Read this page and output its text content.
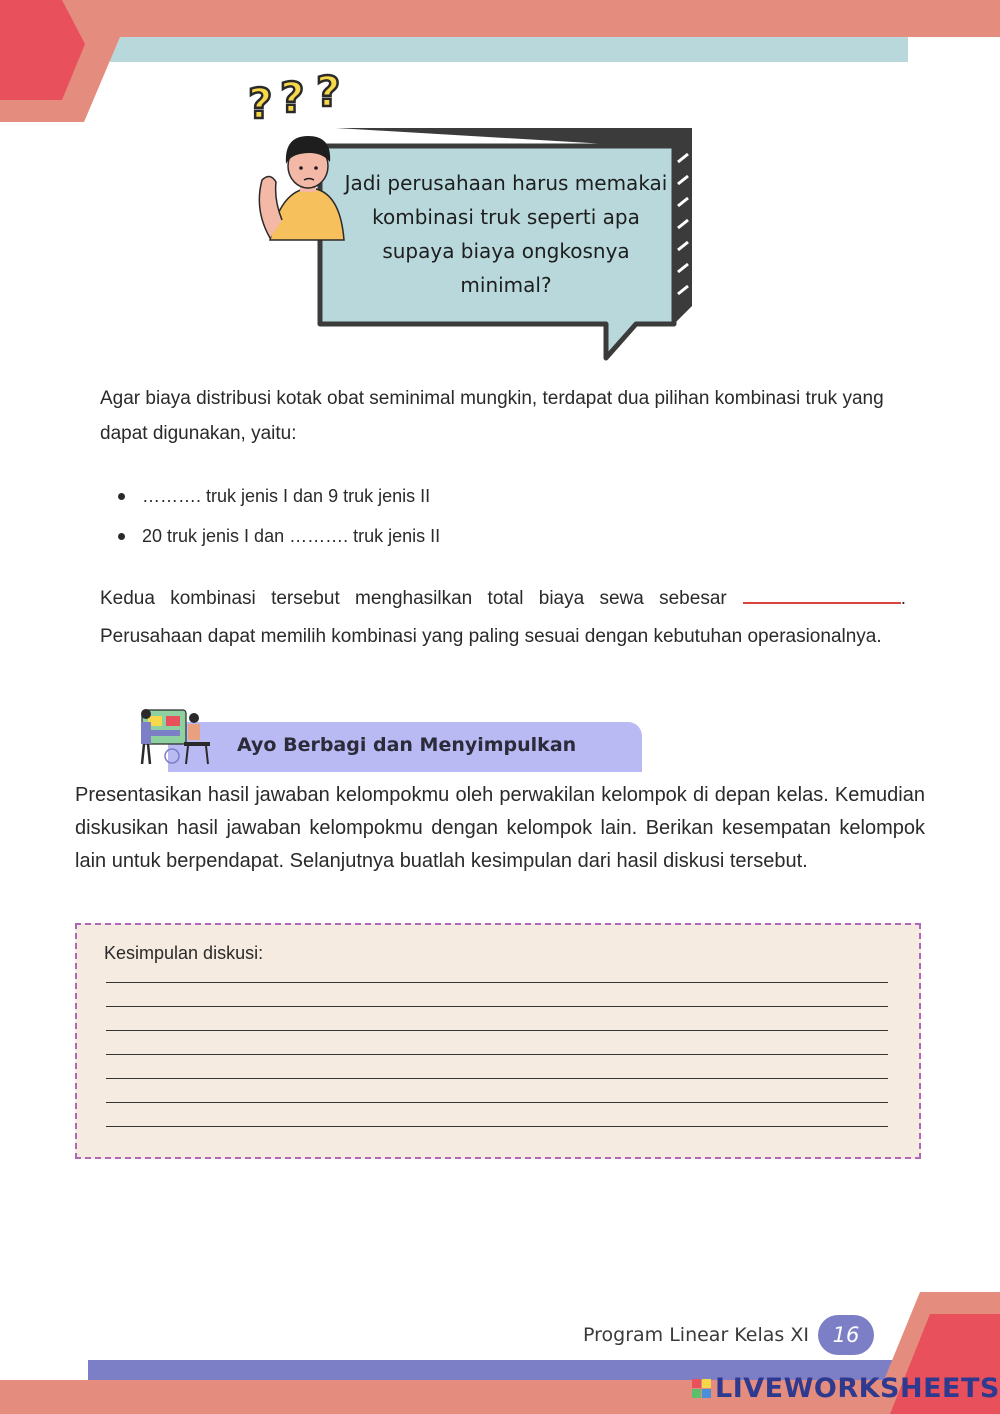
? ? ?
Jadi perusahaan harus memakai kombinasi truk seperti apa supaya biaya ongkosnya minimal?
Agar biaya distribusi kotak obat seminimal mungkin, terdapat dua pilihan kombinasi truk yang dapat digunakan, yaitu:
………. truk jenis I dan 9 truk jenis II
20 truk jenis I dan ………. truk jenis II
Kedua kombinasi tersebut menghasilkan total biaya sewa sebesar	.
Perusahaan dapat memilih kombinasi yang paling sesuai dengan kebutuhan operasionalnya.
Ayo Berbagi dan Menyimpulkan
Presentasikan hasil jawaban kelompokmu oleh perwakilan kelompok di depan kelas. Kemudian diskusikan hasil jawaban kelompokmu dengan kelompok lain. Berikan kesempatan kelompok lain untuk berpendapat. Selanjutnya buatlah kesimpulan dari hasil diskusi tersebut.
Kesimpulan diskusi:
Program Linear Kelas XI	16
LIVEWORKSHEETS
